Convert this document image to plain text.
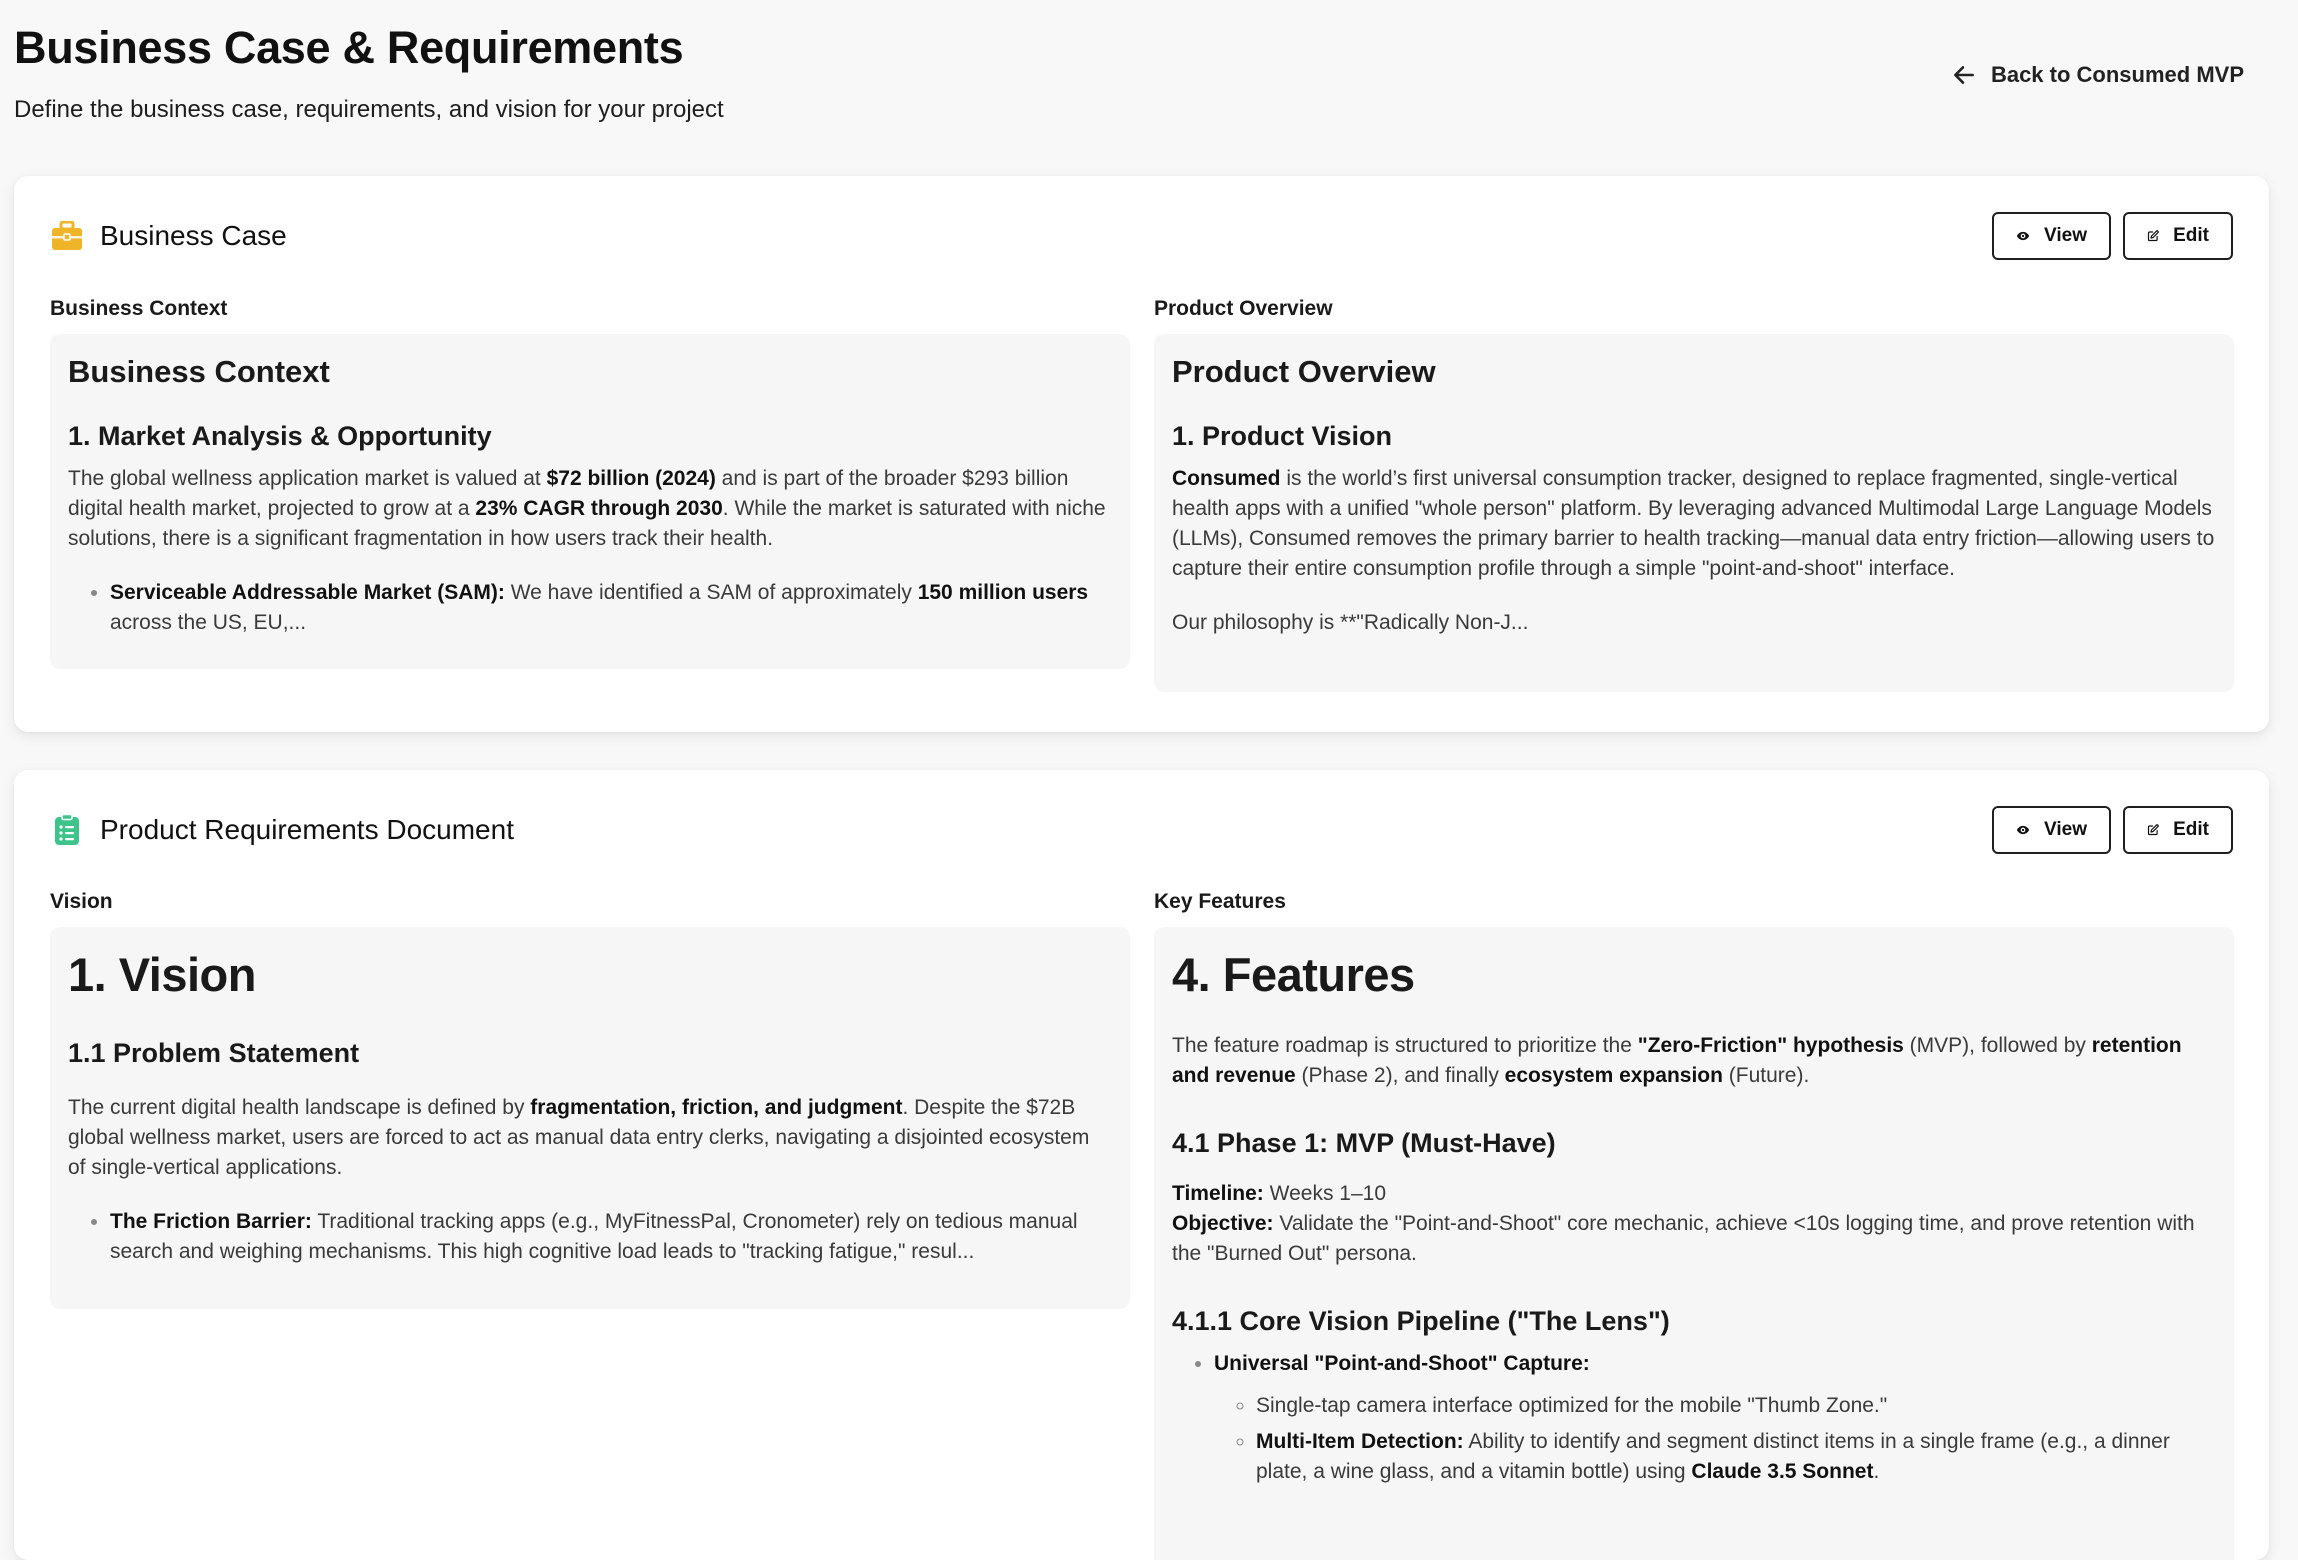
Business Case & Requirements
Define the business case, requirements, and vision for your project
Back to Consumed MVP
Business Case	View	Edit
Business Context
Business Context
1. Market Analysis & Opportunity

The global wellness application market is valued at $72 billion (2024) and is part of the broader $293 billion digital health market, projected to grow at a 23% CAGR through 2030. While the market is saturated with niche solutions, there is a significant fragmentation in how users track their health.

• Serviceable Addressable Market (SAM): We have identified a SAM of approximately 150 million users across the US, EU,...
Product Overview
Product Overview
1. Product Vision

Consumed is the world’s first universal consumption tracker, designed to replace fragmented, single-vertical health apps with a unified "whole person" platform. By leveraging advanced Multimodal Large Language Models (LLMs), Consumed removes the primary barrier to health tracking—manual data entry friction—allowing users to capture their entire consumption profile through a simple "point-and-shoot" interface.

Our philosophy is **"Radically Non-J...

Product Requirements Document	View	Edit
Vision
1. Vision
1.1 Problem Statement

The current digital health landscape is defined by fragmentation, friction, and judgment. Despite the $72B global wellness market, users are forced to act as manual data entry clerks, navigating a disjointed ecosystem of single-vertical applications.

• The Friction Barrier: Traditional tracking apps (e.g., MyFitnessPal, Cronometer) rely on tedious manual search and weighing mechanisms. This high cognitive load leads to "tracking fatigue," resul...
Key Features
4. Features

The feature roadmap is structured to prioritize the "Zero-Friction" hypothesis (MVP), followed by retention and revenue (Phase 2), and finally ecosystem expansion (Future).

4.1 Phase 1: MVP (Must-Have)

Timeline: Weeks 1–10
Objective: Validate the "Point-and-Shoot" core mechanic, achieve <10s logging time, and prove retention with the "Burned Out" persona.

4.1.1 Core Vision Pipeline ("The Lens")
• Universal "Point-and-Shoot" Capture:
◦ Single-tap camera interface optimized for the mobile "Thumb Zone."
◦ Multi-Item Detection: Ability to identify and segment distinct items in a single frame (e.g., a dinner plate, a wine glass, and a vitamin bottle) using Claude 3.5 Sonnet.
